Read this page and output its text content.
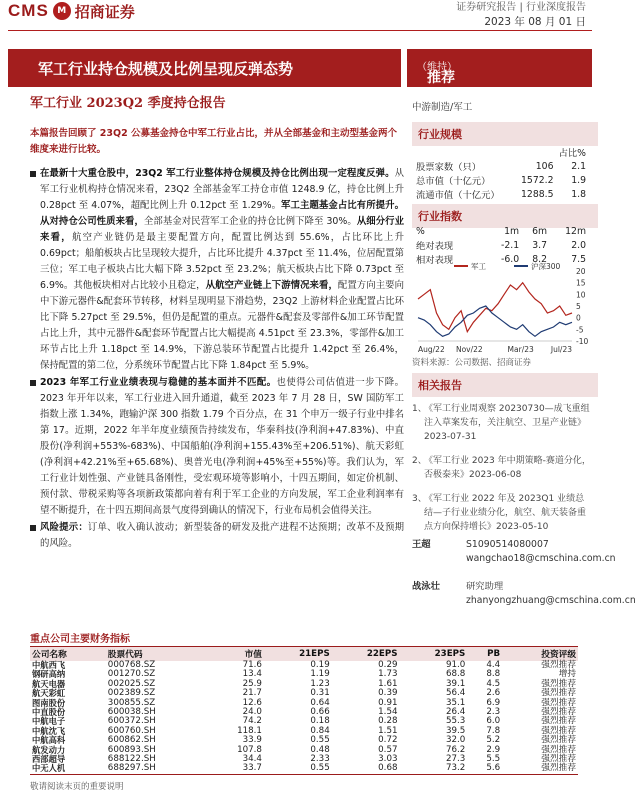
CMS M 招商证券	证券研究报告 | 行业深度报告
2023 年 08 月 01 日
军工行业持仓规模及比例呈现反弹态势	推荐
（维持）
军工行业 2023Q2 季度持仓报告
本篇报告回顾了 23Q2 公募基金持仓中军工行业占比，并从全部基金和主动型基金两个维度来进行比较。

在最新十大重仓股中，23Q2 军工行业整体持仓规模及持仓比例出现一定程度反弹。从军工行业机构持仓情况来看，23Q2 全部基金军工持仓市值 1248.9 亿，持仓比例上升 0.28pct 至 4.07%，超配比例上升 0.12pct 至 1.29%。军工主题基金占比有所提升。从对持仓公司性质来看，全部基金对民营军工企业的持仓比例下降至 30%。从细分行业来看，航空产业链仍是最主要配置方向，配置比例达到 55.6%，占比环比上升 0.69pct；船舶板块占比呈现较大提升，占比环比提升 4.37pct 至 11.4%，位居配置第三位；军工电子板块占比大幅下降 3.52pct 至 23.2%；航天板块占比下降 0.73pct 至 6.9%。其他板块相对占比较小且稳定，从航空产业链上下游情况来看，配置方向主要向中下游元器件&配套环节转移，材料呈现明显下滑趋势，23Q2 上游材料企业配置占比环比下降 5.27pct 至 29.5%，但仍是配置的重点。元器件&配套及零部件&加工环节配置占比上升，其中元器件&配套环节配置占比大幅提高 4.51pct 至 23.3%，零部件&加工环节占比上升 1.18pct 至 14.9%，下游总装环节配置占比提升 1.42pct 至 26.4%，保持配置的第二位，分系统环节配置占比下降 1.84pct 至 5.9%。

2023 年军工行业业绩表现与稳健的基本面并不匹配。也使得公司估值进一步下降。2023 年开年以来，军工行业进入回升通道，截至 2023 年 7 月 28 日，SW 国防军工指数上涨 1.34%，跑输沪深 300 指数 1.79 个百分点，在 31 个申万一级子行业中排名第 17。近期，2022 年半年度业绩预告持续发布，华秦科技(净利润+47.83%)、中直股份(净利润+553%-683%)、中国船舶(净利润+155.43%至+206.51%)、航天彩虹(净利润+42.21%至+65.68%)、奥普光电(净利润+45%至+55%)等。我们认为，军工行业计划性强、产业链具备刚性，受宏观环境等影响小，十四五期间，如定价机制、预付款、带税采购等各项新政策都向着有利于军工企业的方向发展，军工企业利润率有望不断提升，在十四五期间高景气度得到确认的情况下，行业布局机会值得关注。

风险提示：订单、收入确认波动；新型装备的研发及批产进程不达预期；改革不及预期的风险。

中游制造/军工
行业规模
		占比%
股票家数（只）	106	2.1
总市值（十亿元）	1572.2	1.9
流通市值（十亿元）	1288.5	1.8
行业指数
%	1m	6m	12m
绝对表现	-2.1	3.7	2.0
相对表现	-6.0	8.2	7.5
20
15
10
5
0
-5
-10
军工	沪深300
Aug/22 Nov/22	Mar/23 Jul/23
资料来源：公司数据、招商证券
相关报告
1、
《军工行业周观察 20230730—成飞重组注入草案发布，关注航空、卫星产业链》2023-07-31
2、
《军工行业 2023 年中期策略-赛道分化，否极泰来》2023-06-08
3、
《军工行业 2022 年及 2023Q1 业绩总结—子行业业绩分化，航空、航天装备重点方向保持增长》2023-05-10
王超	S1090514080007
wangchao18@cmschina.com.cn
战泳壮	研究助理
zhanyongzhuang@cmschina.com.cn
重点公司主要财务指标
公司名称	股票代码	市值	21EPS	22EPS	23EPS	PB	投资评级
中航西飞	000768.SZ	71.6	0.19	0.29	91.0	4.4	强烈推荐
钢研高纳	001270.SZ	13.4	1.19	1.73	68.8	8.8	增持
航天电器	002025.SZ	25.9	1.23	1.61	39.1	4.5	强烈推荐
航天彩虹	002389.SZ	21.7	0.31	0.39	56.4	2.6	强烈推荐
图南股份	300855.SZ	12.6	0.64	0.91	35.1	6.9	强烈推荐
中直股份	600038.SH	24.0	0.66	1.54	26.4	2.3	强烈推荐
中航电子	600372.SH	74.2	0.18	0.28	55.3	6.0	强烈推荐
中航沈飞	600760.SH	118.1	0.84	1.51	39.5	7.8	强烈推荐
中航高科	600862.SH	33.9	0.55	0.72	32.0	5.2	强烈推荐
航发动力	600893.SH	107.8	0.48	0.57	76.2	2.9	强烈推荐
西部超导	688122.SH	34.4	2.33	3.03	27.3	5.5	强烈推荐
中无人机	688297.SH	33.7	0.55	0.68	73.2	5.6	强烈推荐
敬请阅读末页的重要说明
